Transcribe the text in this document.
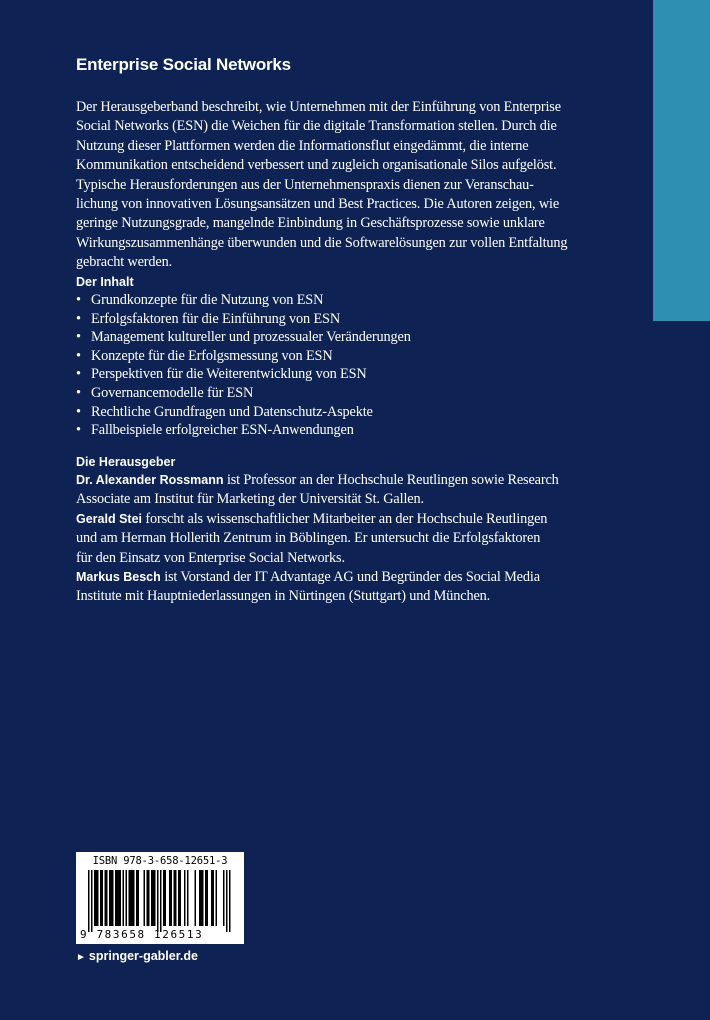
Enterprise Social Networks
Der Herausgeberband beschreibt, wie Unternehmen mit der Einführung von Enterprise
Social Networks (ESN) die Weichen für die digitale Transformation stellen. Durch die
Nutzung dieser Plattformen werden die Informationsflut eingedämmt, die interne
Kommunikation entscheidend verbessert und zugleich organisationale Silos aufgelöst.
Typische Herausforderungen aus der Unternehmenspraxis dienen zur Veranschau-
lichung von innovativen Lösungsansätzen und Best Practices. Die Autoren zeigen, wie
geringe Nutzungsgrade, mangelnde Einbindung in Geschäftsprozesse sowie unklare
Wirkungszusammenhänge überwunden und die Softwarelösungen zur vollen Entfaltung
gebracht werden.
Der Inhalt
• Grundkonzepte für die Nutzung von ESN
• Erfolgsfaktoren für die Einführung von ESN
• Management kultureller und prozessualer Veränderungen
• Konzepte für die Erfolgsmessung von ESN
• Perspektiven für die Weiterentwicklung von ESN
• Governancemodelle für ESN
• Rechtliche Grundfragen und Datenschutz-Aspekte
• Fallbeispiele erfolgreicher ESN-Anwendungen
Die Herausgeber
Dr. Alexander Rossmann ist Professor an der Hochschule Reutlingen sowie Research
Associate am Institut für Marketing der Universität St. Gallen.
Gerald Stei forscht als wissenschaftlicher Mitarbeiter an der Hochschule Reutlingen
und am Herman Hollerith Zentrum in Böblingen. Er untersucht die Erfolgsfaktoren
für den Einsatz von Enterprise Social Networks.
Markus Besch ist Vorstand der IT Advantage AG und Begründer des Social Media
Institute mit Hauptniederlassungen in Nürtingen (Stuttgart) und München.
ISBN 978-3-658-12651-3
9 783658 126513
► springer-gabler.de
